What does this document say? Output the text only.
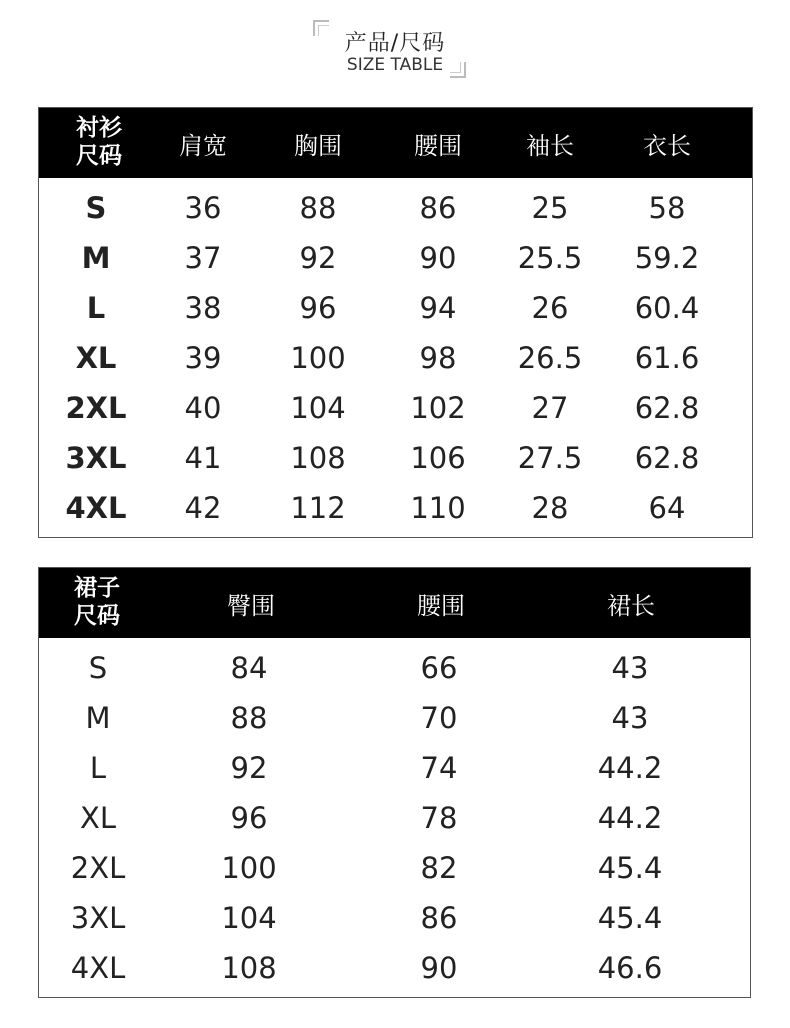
产品/尺码
SIZE TABLE
衬衫
尺码	肩宽	胸围	腰围	袖长	衣长
S	36	88	86	25	58
M	37	92	90	25.5	59.2
L	38	96	94	26	60.4
XL	39	100	98	26.5	61.6
2XL	40	104	102	27	62.8
3XL	41	108	106	27.5	62.8
4XL	42	112	110	28	64
裙子
尺码	臀围	腰围	裙长
S	84	66	43
M	88	70	43
L	92	74	44.2
XL	96	78	44.2
2XL	100	82	45.4
3XL	104	86	45.4
4XL	108	90	46.6
